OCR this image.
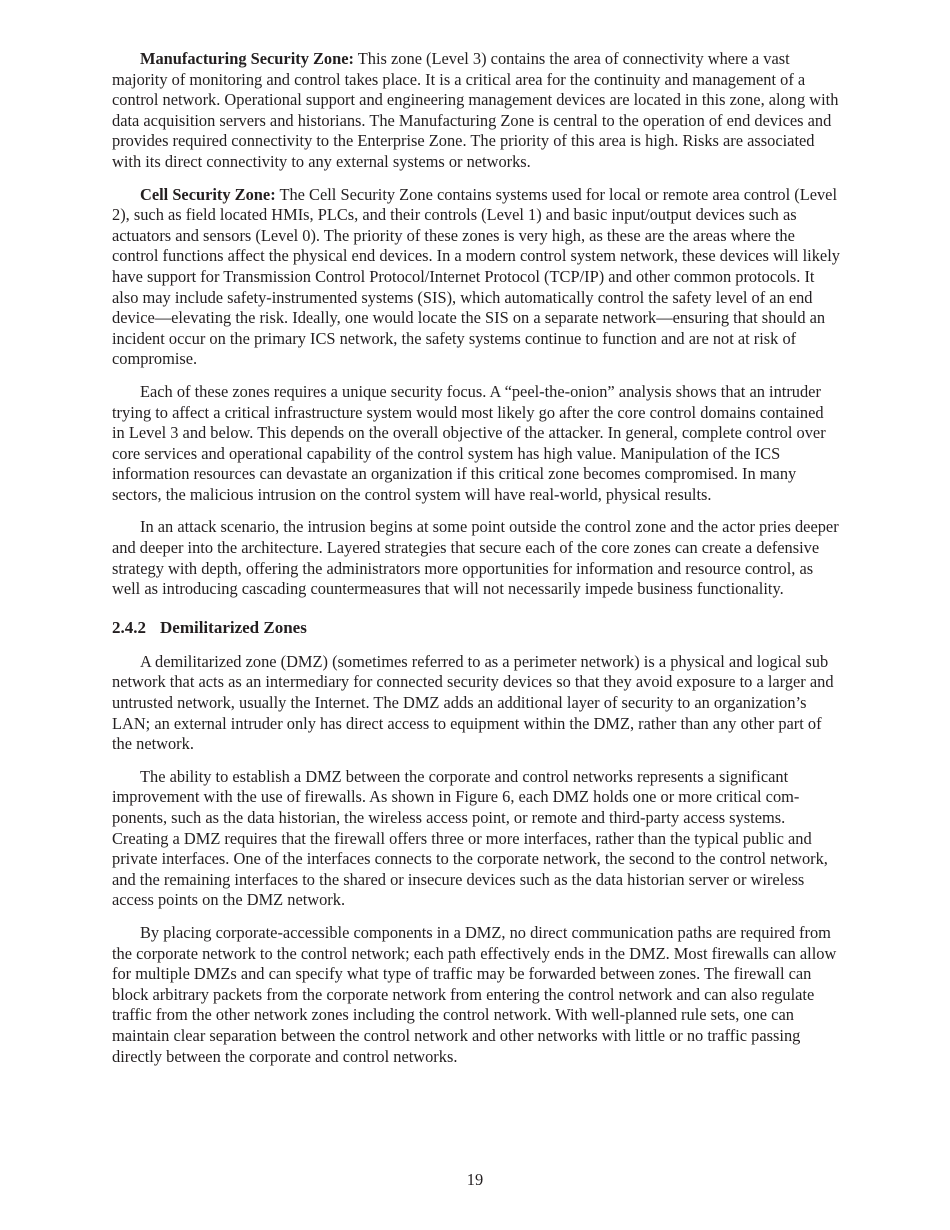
Manufacturing Security Zone: This zone (Level 3) contains the area of connectivity where a vast majority of monitoring and control takes place. It is a critical area for the continuity and management of a control network. Operational support and engineering management devices are located in this zone, along with data acquisition servers and historians. The Manufacturing Zone is central to the operation of end devices and provides required connectivity to the Enterprise Zone. The priority of this area is high. Risks are associated with its direct connectivity to any external systems or networks.

Cell Security Zone: The Cell Security Zone contains systems used for local or remote area control (Level 2), such as field located HMIs, PLCs, and their controls (Level 1) and basic input/output devices such as actuators and sensors (Level 0). The priority of these zones is very high, as these are the areas where the control functions affect the physical end devices. In a modern control system network, these devices will likely have support for Transmission Control Protocol/Internet Protocol (TCP/IP) and other common protocols. It also may include safety-instrumented systems (SIS), which automatically control the safety level of an end device—elevating the risk. Ideally, one would locate the SIS on a separate network—ensuring that should an incident occur on the primary ICS network, the safety systems continue to function and are not at risk of compromise.

Each of these zones requires a unique security focus. A “peel-the-onion” analysis shows that an intruder trying to affect a critical infrastructure system would most likely go after the core control domains contained in Level 3 and below. This depends on the overall objective of the attacker. In general, complete control over core services and operational capability of the control system has high value. Manipulation of the ICS information resources can devastate an organization if this critical zone becomes compromised. In many sectors, the malicious intrusion on the control system will have real-world, physical results.

In an attack scenario, the intrusion begins at some point outside the control zone and the actor pries deeper and deeper into the architecture. Layered strategies that secure each of the core zones can create a defensive strategy with depth, offering the administrators more opportunities for information and resource control, as well as introducing cascading countermeasures that will not necessarily impede business functionality.

2.4.2 Demilitarized Zones

A demilitarized zone (DMZ) (sometimes referred to as a perimeter network) is a physical and logical sub network that acts as an intermediary for connected security devices so that they avoid exposure to a larger and untrusted network, usually the Internet. The DMZ adds an additional layer of security to an organization’s LAN; an external intruder only has direct access to equipment within the DMZ, rather than any other part of the network.

The ability to establish a DMZ between the corporate and control networks represents a significant improvement with the use of firewalls. As shown in Figure 6, each DMZ holds one or more critical components, such as the data historian, the wireless access point, or remote and third-party access systems. Creating a DMZ requires that the firewall offers three or more interfaces, rather than the typical public and private interfaces. One of the interfaces connects to the corporate network, the second to the control network, and the remaining interfaces to the shared or insecure devices such as the data historian server or wireless access points on the DMZ network.

By placing corporate-accessible components in a DMZ, no direct communication paths are required from the corporate network to the control network; each path effectively ends in the DMZ. Most firewalls can allow for multiple DMZs and can specify what type of traffic may be forwarded between zones. The firewall can block arbitrary packets from the corporate network from entering the control network and can also regulate traffic from the other network zones including the control network. With well-planned rule sets, one can maintain clear separation between the control network and other networks with little or no traffic passing directly between the corporate and control networks.

19
